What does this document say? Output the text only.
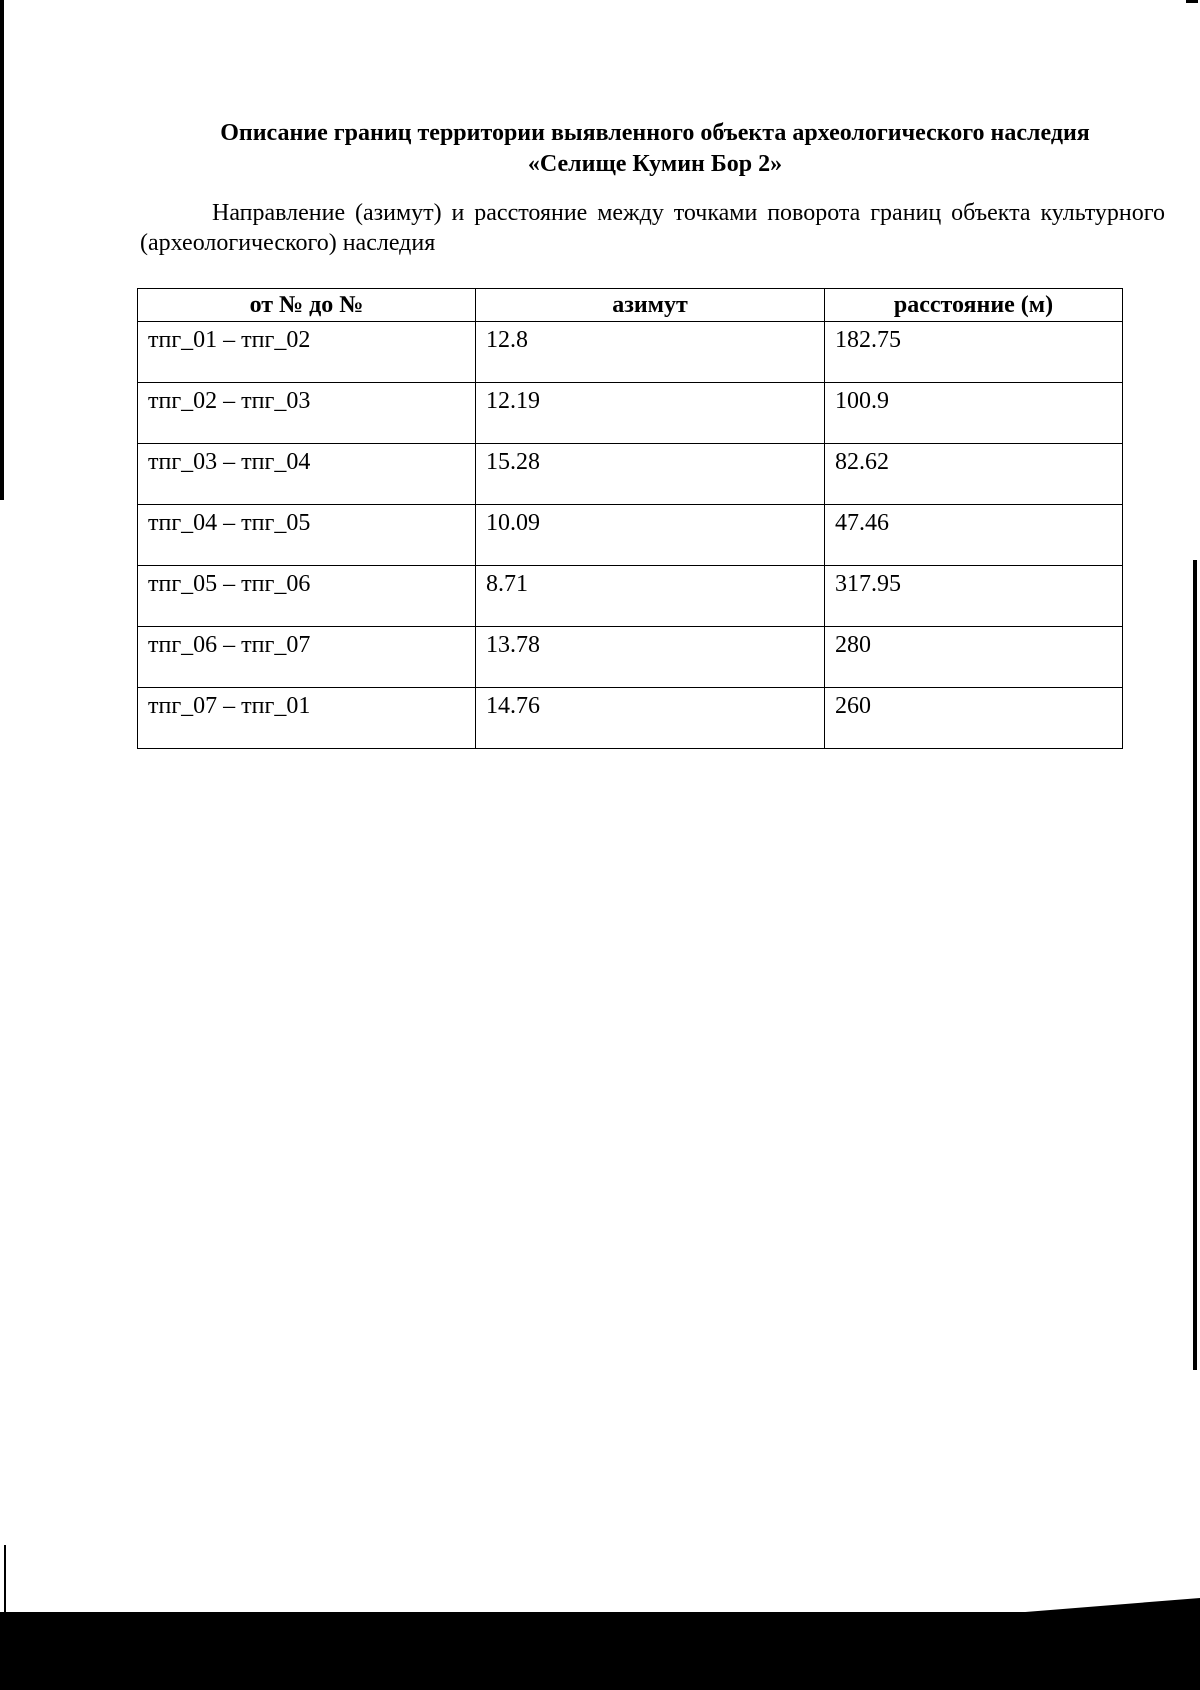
Описание границ территории выявленного объекта археологического наследия
«Селище Кумин Бор 2»
Направление (азимут) и расстояние между точками поворота границ объекта культурного (археологического) наследия
от № до №	азимут	расстояние (м)
тпг_01 – тпг_02	12.8	182.75
тпг_02 – тпг_03	12.19	100.9
тпг_03 – тпг_04	15.28	82.62
тпг_04 – тпг_05	10.09	47.46
тпг_05 – тпг_06	8.71	317.95
тпг_06 – тпг_07	13.78	280
тпг_07 – тпг_01	14.76	260
